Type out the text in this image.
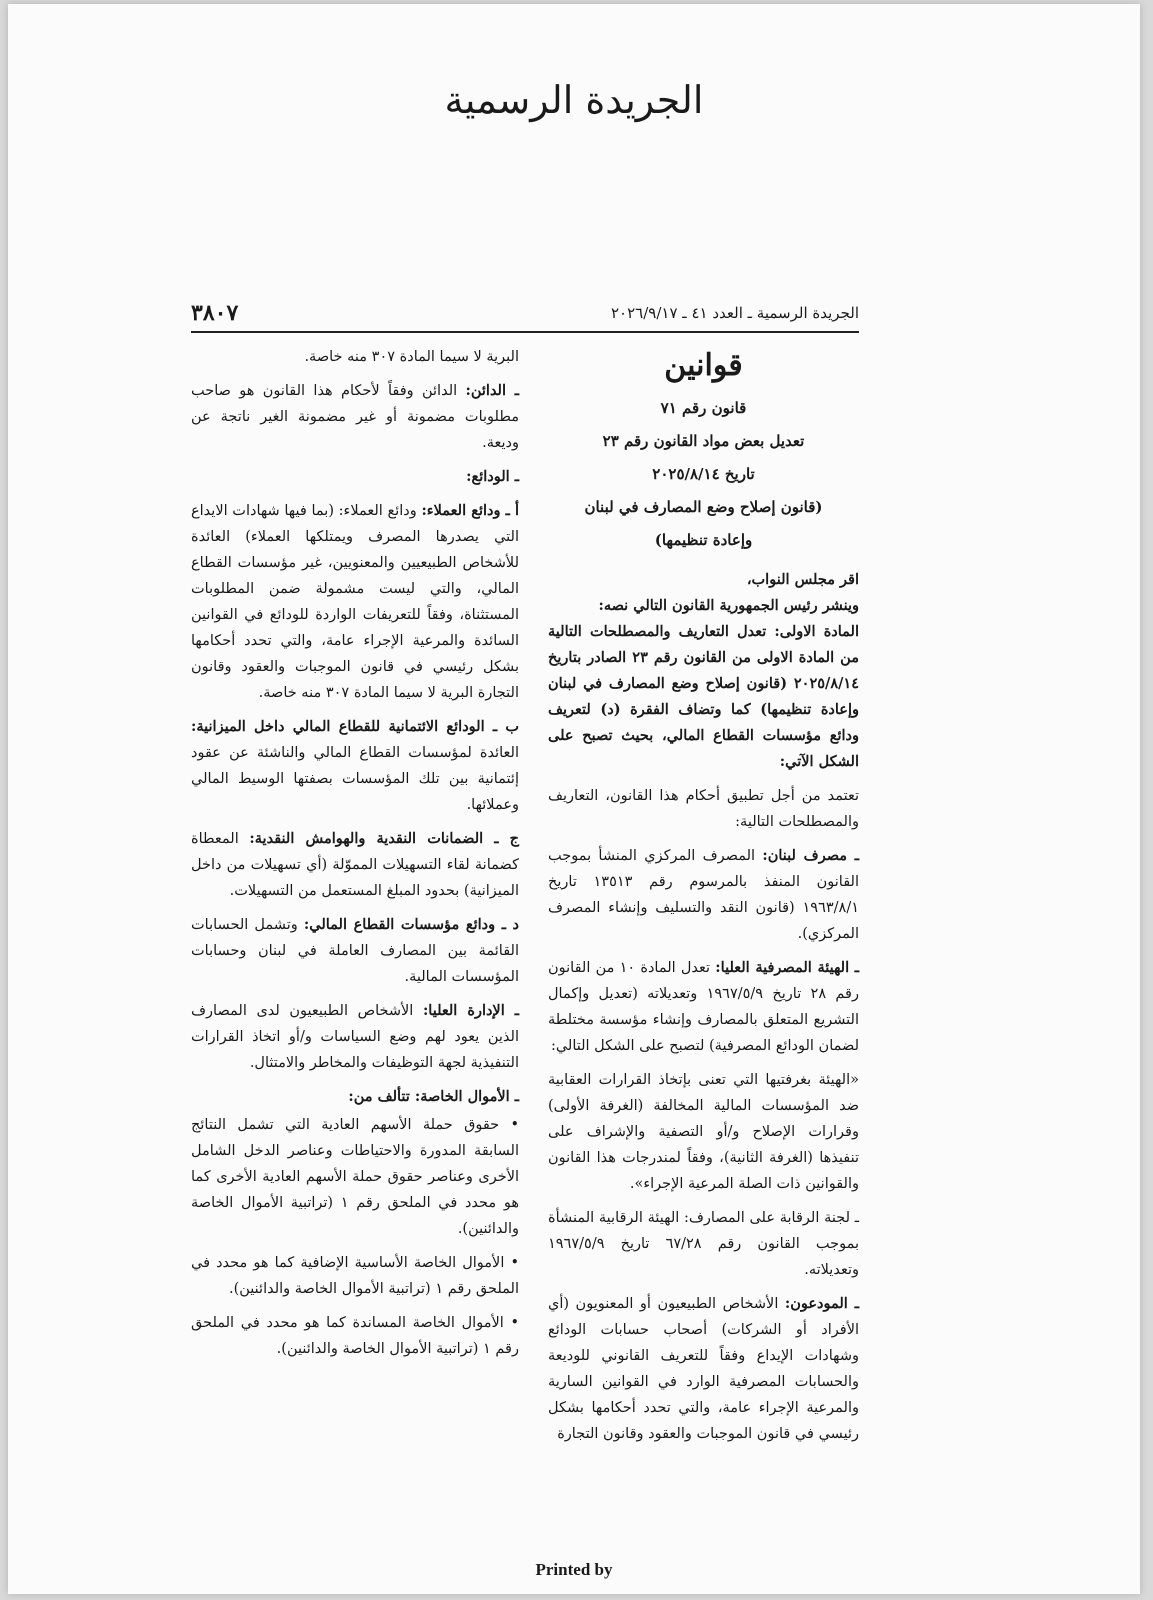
الجريدة الرسمية
الجريدة الرسمية ـ العدد ٤١ ـ ٢٠٢٦/٩/١٧
٣٨٠٧

قوانين

قانون رقم ٧١

تعديل بعض مواد القانون رقم ٢٣

تاريخ ٢٠٢٥/٨/١٤

(قانون إصلاح وضع المصارف في لبنان

وإعادة تنظيمها)

اقر مجلس النواب،

وينشر رئيس الجمهورية القانون التالي نصه:

المادة الاولى: تعدل التعاريف والمصطلحات التالية من المادة الاولى من القانون رقم ٢٣ الصادر بتاريخ ٢٠٢٥/٨/١٤ (قانون إصلاح وضع المصارف في لبنان وإعادة تنظيمها) كما وتضاف الفقرة (د) لتعريف ودائع مؤسسات القطاع المالي، بحيث تصبح على الشكل الآتي:

تعتمد من أجل تطبيق أحكام هذا القانون، التعاريف والمصطلحات التالية:

ـ مصرف لبنان: المصرف المركزي المنشأ بموجب القانون المنفذ بالمرسوم رقم ١٣٥١٣ تاريخ ١٩٦٣/٨/١ (قانون النقد والتسليف وإنشاء المصرف المركزي).

ـ الهيئة المصرفية العليا: تعدل المادة ١٠ من القانون رقم ٢٨ تاريخ ١٩٦٧/٥/٩ وتعديلاته (تعديل وإكمال التشريع المتعلق بالمصارف وإنشاء مؤسسة مختلطة لضمان الودائع المصرفية) لتصبح على الشكل التالي:

«الهيئة بغرفتيها التي تعنى بإتخاذ القرارات العقابية ضد المؤسسات المالية المخالفة (الغرفة الأولى) وقرارات الإصلاح و/أو التصفية والإشراف على تنفيذها (الغرفة الثانية)، وفقاً لمندرجات هذا القانون والقوانين ذات الصلة المرعية الإجراء».

ـ لجنة الرقابة على المصارف: الهيئة الرقابية المنشأة بموجب القانون رقم ٦٧/٢٨ تاريخ ١٩٦٧/٥/٩ وتعديلاته.

ـ المودعون: الأشخاص الطبيعيون أو المعنويون (أي الأفراد أو الشركات) أصحاب حسابات الودائع وشهادات الإيداع وفقاً للتعريف القانوني للوديعة والحسابات المصرفية الوارد في القوانين السارية والمرعية الإجراء عامة، والتي تحدد أحكامها بشكل رئيسي في قانون الموجبات والعقود وقانون التجارة

البرية لا سيما المادة ٣٠٧ منه خاصة.

ـ الدائن: الدائن وفقاً لأحكام هذا القانون هو صاحب مطلوبات مضمونة أو غير مضمونة الغير ناتجة عن وديعة.

ـ الودائع:

أ ـ ودائع العملاء: ودائع العملاء: (بما فيها شهادات الايداع التي يصدرها المصرف ويمتلكها العملاء) العائدة للأشخاص الطبيعيين والمعنويين، غير مؤسسات القطاع المالي، والتي ليست مشمولة ضمن المطلوبات المستثناة، وفقاً للتعريفات الواردة للودائع في القوانين السائدة والمرعية الإجراء عامة، والتي تحدد أحكامها بشكل رئيسي في قانون الموجبات والعقود وقانون التجارة البرية لا سيما المادة ٣٠٧ منه خاصة.

ب ـ الودائع الائتمانية للقطاع المالي داخل الميزانية: العائدة لمؤسسات القطاع المالي والناشئة عن عقود إئتمانية بين تلك المؤسسات بصفتها الوسيط المالي وعملائها.

ج ـ الضمانات النقدية والهوامش النقدية: المعطاة كضمانة لقاء التسهيلات المموّلة (أي تسهيلات من داخل الميزانية) بحدود المبلغ المستعمل من التسهيلات.

د ـ ودائع مؤسسات القطاع المالي: وتشمل الحسابات القائمة بين المصارف العاملة في لبنان وحسابات المؤسسات المالية.

ـ الإدارة العليا: الأشخاص الطبيعيون لدى المصارف الذين يعود لهم وضع السياسات و/أو اتخاذ القرارات التنفيذية لجهة التوظيفات والمخاطر والامتثال.

ـ الأموال الخاصة: تتألف من:

• حقوق حملة الأسهم العادية التي تشمل النتائج السابقة المدورة والاحتياطات وعناصر الدخل الشامل الأخرى وعناصر حقوق حملة الأسهم العادية الأخرى كما هو محدد في الملحق رقم ١ (تراتبية الأموال الخاصة والدائنين).

• الأموال الخاصة الأساسية الإضافية كما هو محدد في الملحق رقم ١ (تراتبية الأموال الخاصة والدائنين).

• الأموال الخاصة المساندة كما هو محدد في الملحق رقم ١ (تراتبية الأموال الخاصة والدائنين).

Printed by
